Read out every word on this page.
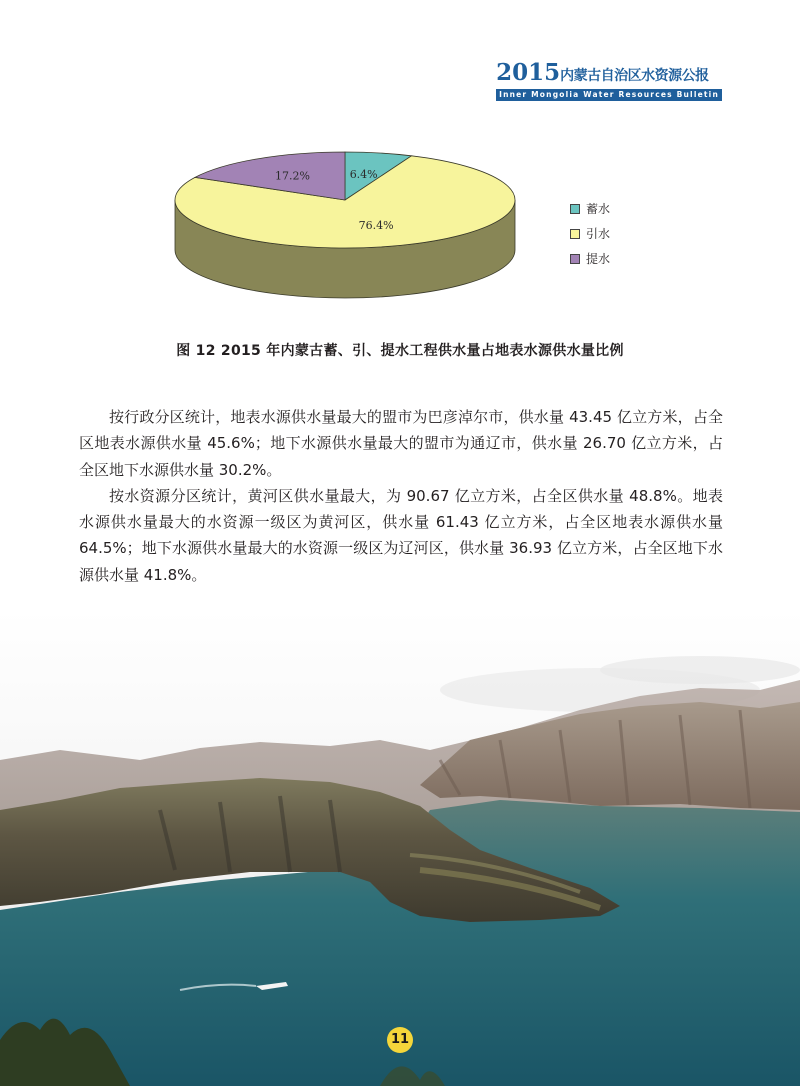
2015内蒙古自治区水资源公报
Inner Mongolia Water Resources Bulletin
6.4%
76.4%
17.2%
蓄水
引水
提水
图 12 2015 年内蒙古蓄、引、提水工程供水量占地表水源供水量比例

按行政分区统计，地表水源供水量最大的盟市为巴彦淖尔市，供水量 43.45 亿立方米，占全区地表水源供水量 45.6%；地下水源供水量最大的盟市为通辽市，供水量 26.70 亿立方米，占全区地下水源供水量 30.2%。

按水资源分区统计，黄河区供水量最大，为 90.67 亿立方米，占全区供水量 48.8%。地表水源供水量最大的水资源一级区为黄河区，供水量 61.43 亿立方米，占全区地表水源供水量 64.5%；地下水源供水量最大的水资源一级区为辽河区，供水量 36.93 亿立方米，占全区地下水源供水量 41.8%。

11
